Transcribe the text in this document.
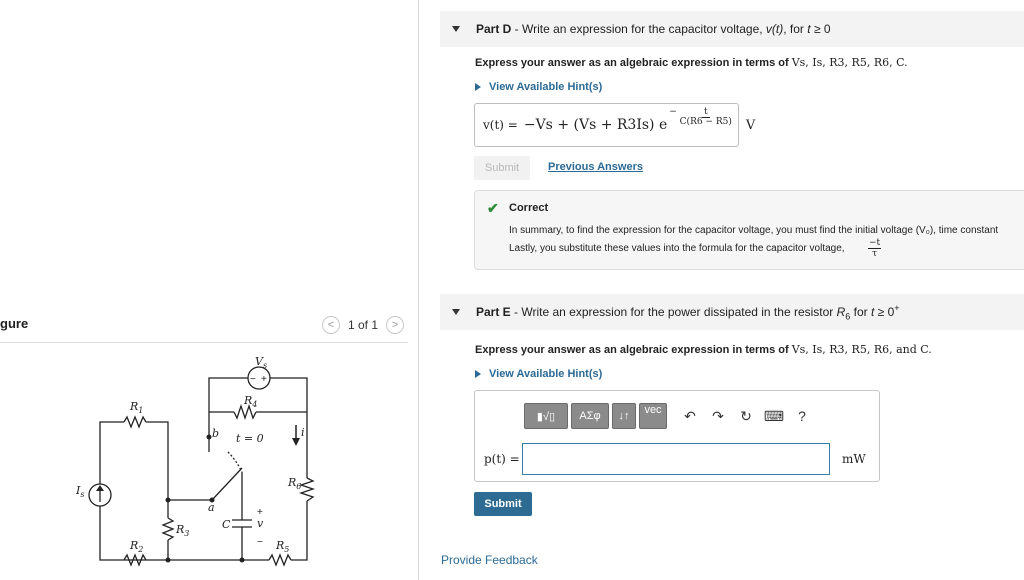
gure	<	1 of 1	>
$V_s$
− +
$R_1$
$R_4$
b t = 0	i
$R_6$
$I_s$
a
C
+
v
−
$R_3$
$R_2$	$R_5$
Part D - Write an expression for the capacitor voltage, v(t), for t ≥ 0
Express your answer as an algebraic expression in terms of Vs, Is, R3, R5, R6, C.
View Available Hint(s)
v(t) = −Vs + (Vs + R3Is) e
− $\frac{t}{C(R6 - R5)}$ V
Submit	Previous Answers
✔ Correct
In summary, to find the expression for the capacitor voltage, you must find the initial voltage (V₀), time constant
Lastly, you substitute these values into the formula for the capacitor voltage,	$\frac{-t}{\tau}$
Part E - Write an expression for the power dissipated in the resistor $R_6$ for t ≥ 0+
Express your answer as an algebraic expression in terms of Vs, Is, R3, R5, R6, and C.
View Available Hint(s)
▮√▯	ΑΣφ	↓↑	vec	↶	↷	↻ ⌨ ?
p(t) =	mW
Submit
Provide Feedback
